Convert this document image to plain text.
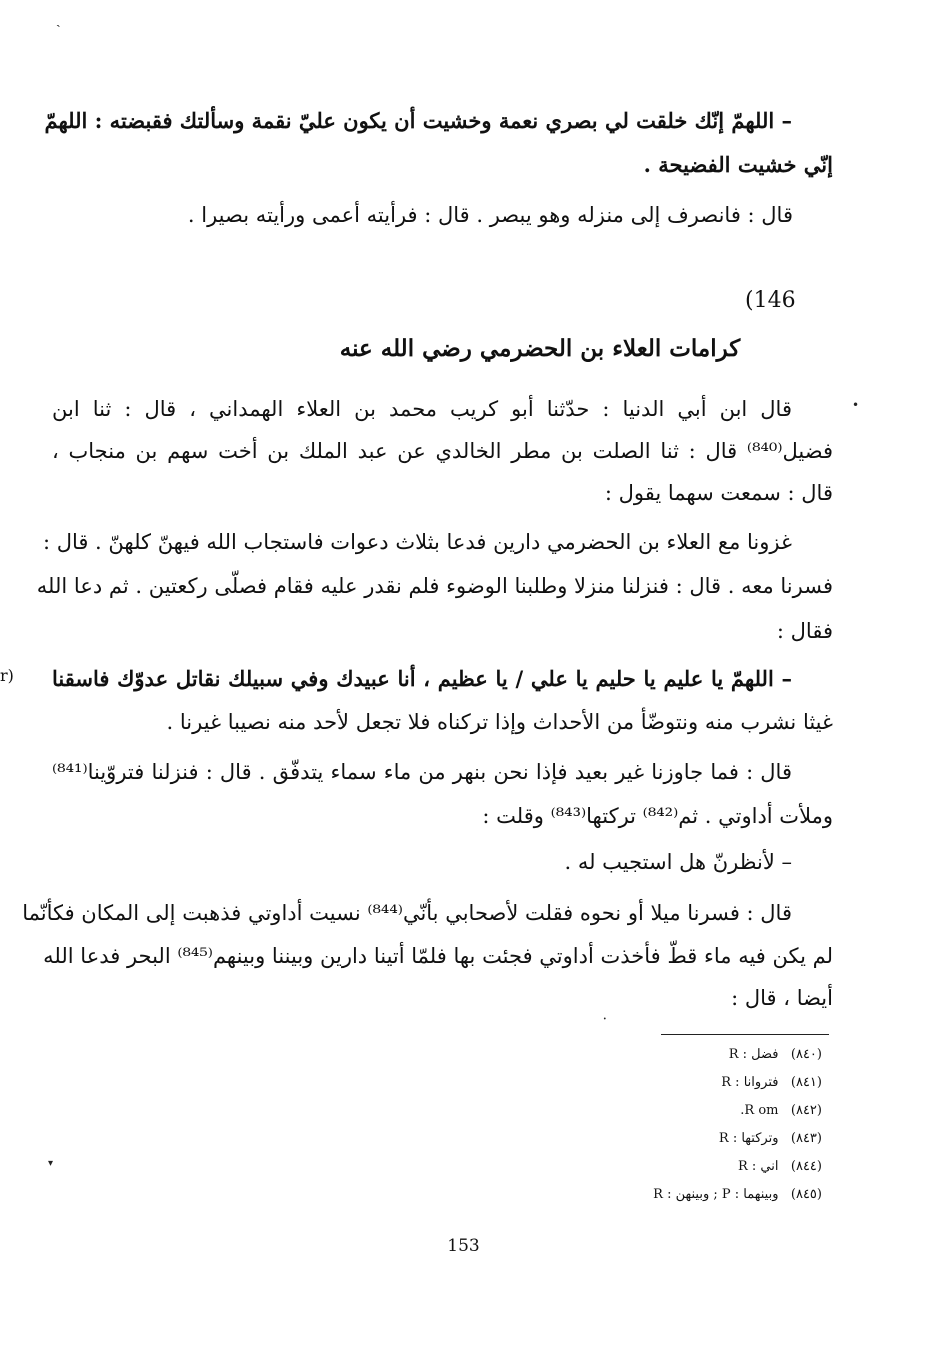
ˎ
– اللهمّ إنّك خلقت لي بصري نعمة وخشيت أن يكون عليّ نقمة وسألتك فقبضته : اللهمّ
إنّي خشيت الفضيحة .
قال : فانصرف إلى منزله وهو يبصر . قال : فرأيته أعمى ورأيته بصيرا .
(146
كرامات العلاء بن الحضرمي رضي الله عنه
•
قال ابن أبي الدنيا : حدّثنا أبو كريب محمد بن العلاء الهمداني ، قال : ثنا ابن
فضيل⁽⁸⁴⁰⁾ قال : ثنا الصلت بن مطر الخالدي عن عبد الملك بن أخت سهم بن منجاب ،
قال : سمعت سهما يقول :
غزونا مع العلاء بن الحضرمي دارين فدعا بثلاث دعوات فاستجاب الله فيهنّ كلهنّ . قال :
فسرنا معه . قال : فنزلنا منزلا وطلبنا الوضوء فلم نقدر عليه فقام فصلّى ركعتين . ثم دعا الله
فقال :
r) – اللهمّ يا عليم يا حليم يا علي / يا عظيم ، أنا عبيدك وفي سبيلك نقاتل عدوّك فاسقنا
غيثا نشرب منه ونتوضّأ من الأحداث وإذا تركناه فلا تجعل لأحد منه نصيبا غيرنا .
قال : فما جاوزنا غير بعيد فإذا نحن بنهر من ماء سماء يتدفّق . قال : فنزلنا فتروّينا⁽⁸⁴¹⁾
وملأت أداوتي . ثم⁽⁸⁴²⁾ تركتها⁽⁸⁴³⁾ وقلت :
– لأنظرنّ هل استجيب له .
قال : فسرنا ميلا أو نحوه فقلت لأصحابي بأنّي⁽⁸⁴⁴⁾ نسيت أداوتي فذهبت إلى المكان فكأنّما
لم يكن فيه ماء قطّ فأخذت أداوتي فجئت بها فلمّا أتينا دارين وبيننا وبينهم⁽⁸⁴⁵⁾ البحر فدعا الله
أيضا ، قال :
•
(٨٤٠)   فضل : R
(٨٤١)   فتروانا : R
(٨٤٢)   R om.
(٨٤٣)   وتركتها : R
(٨٤٤)   اني : R
(٨٤٥)   وبينهما : P ; وبينهن : R
▾
153
